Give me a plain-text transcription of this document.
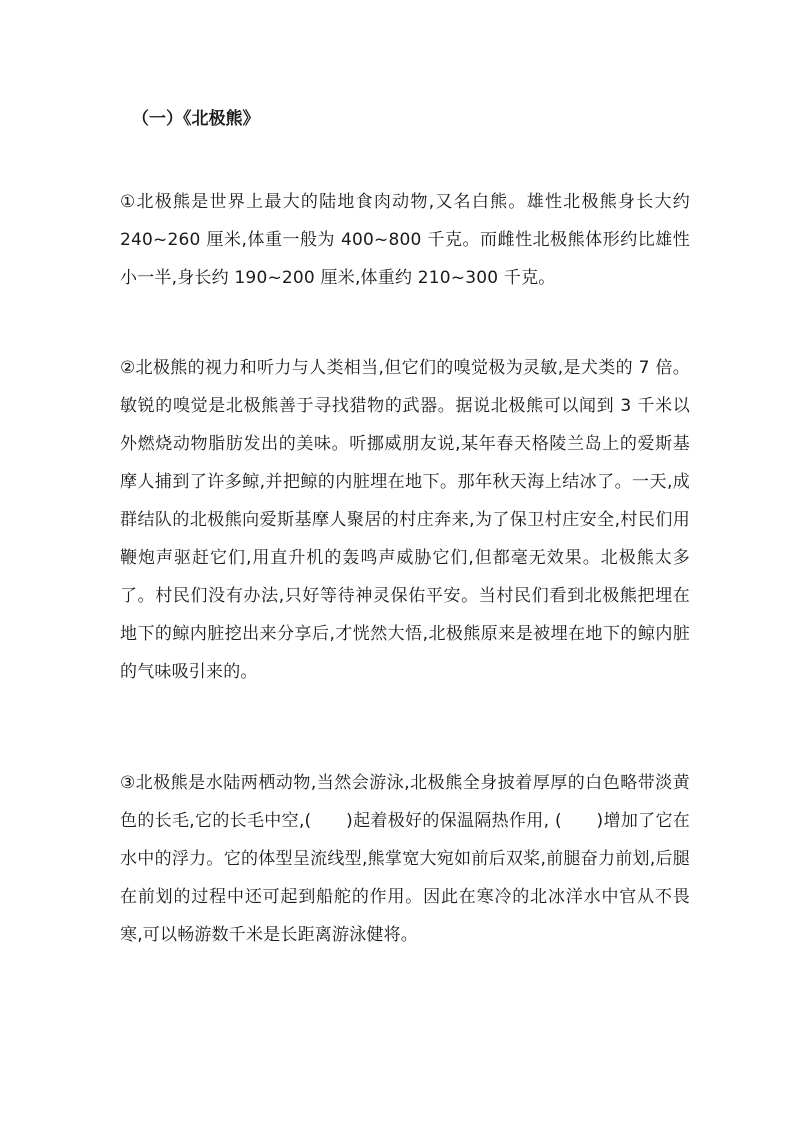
（一）《北极熊》

①北极熊是世界上最大的陆地食肉动物,又名白熊。雄性北极熊身长大约 240~260 厘米,体重一般为 400~800 千克。而雌性北极熊体形约比雄性小一半,身长约 190~200 厘米,体重约 210~300 千克。

②北极熊的视力和听力与人类相当,但它们的嗅觉极为灵敏,是犬类的 7 倍。敏锐的嗅觉是北极熊善于寻找猎物的武器。据说北极熊可以闻到 3 千米以外燃烧动物脂肪发出的美味。听挪威朋友说,某年春天格陵兰岛上的爱斯基摩人捕到了许多鲸,并把鲸的内脏埋在地下。那年秋天海上结冰了。一天,成群结队的北极熊向爱斯基摩人聚居的村庄奔来,为了保卫村庄安全,村民们用鞭炮声驱赶它们,用直升机的轰鸣声威胁它们,但都毫无效果。北极熊太多了。村民们没有办法,只好等待神灵保佑平安。当村民们看到北极熊把埋在地下的鲸内脏挖出来分享后,才恍然大悟,北极熊原来是被埋在地下的鲸内脏的气味吸引来的。

③北极熊是水陆两栖动物,当然会游泳,北极熊全身披着厚厚的白色略带淡黄色的长毛,它的长毛中空,(　　)起着极好的保温隔热作用, (　　)增加了它在水中的浮力。它的体型呈流线型,熊掌宽大宛如前后双桨,前腿奋力前划,后腿在前划的过程中还可起到船舵的作用。因此在寒冷的北冰洋水中官从不畏寒,可以畅游数千米是长距离游泳健将。
